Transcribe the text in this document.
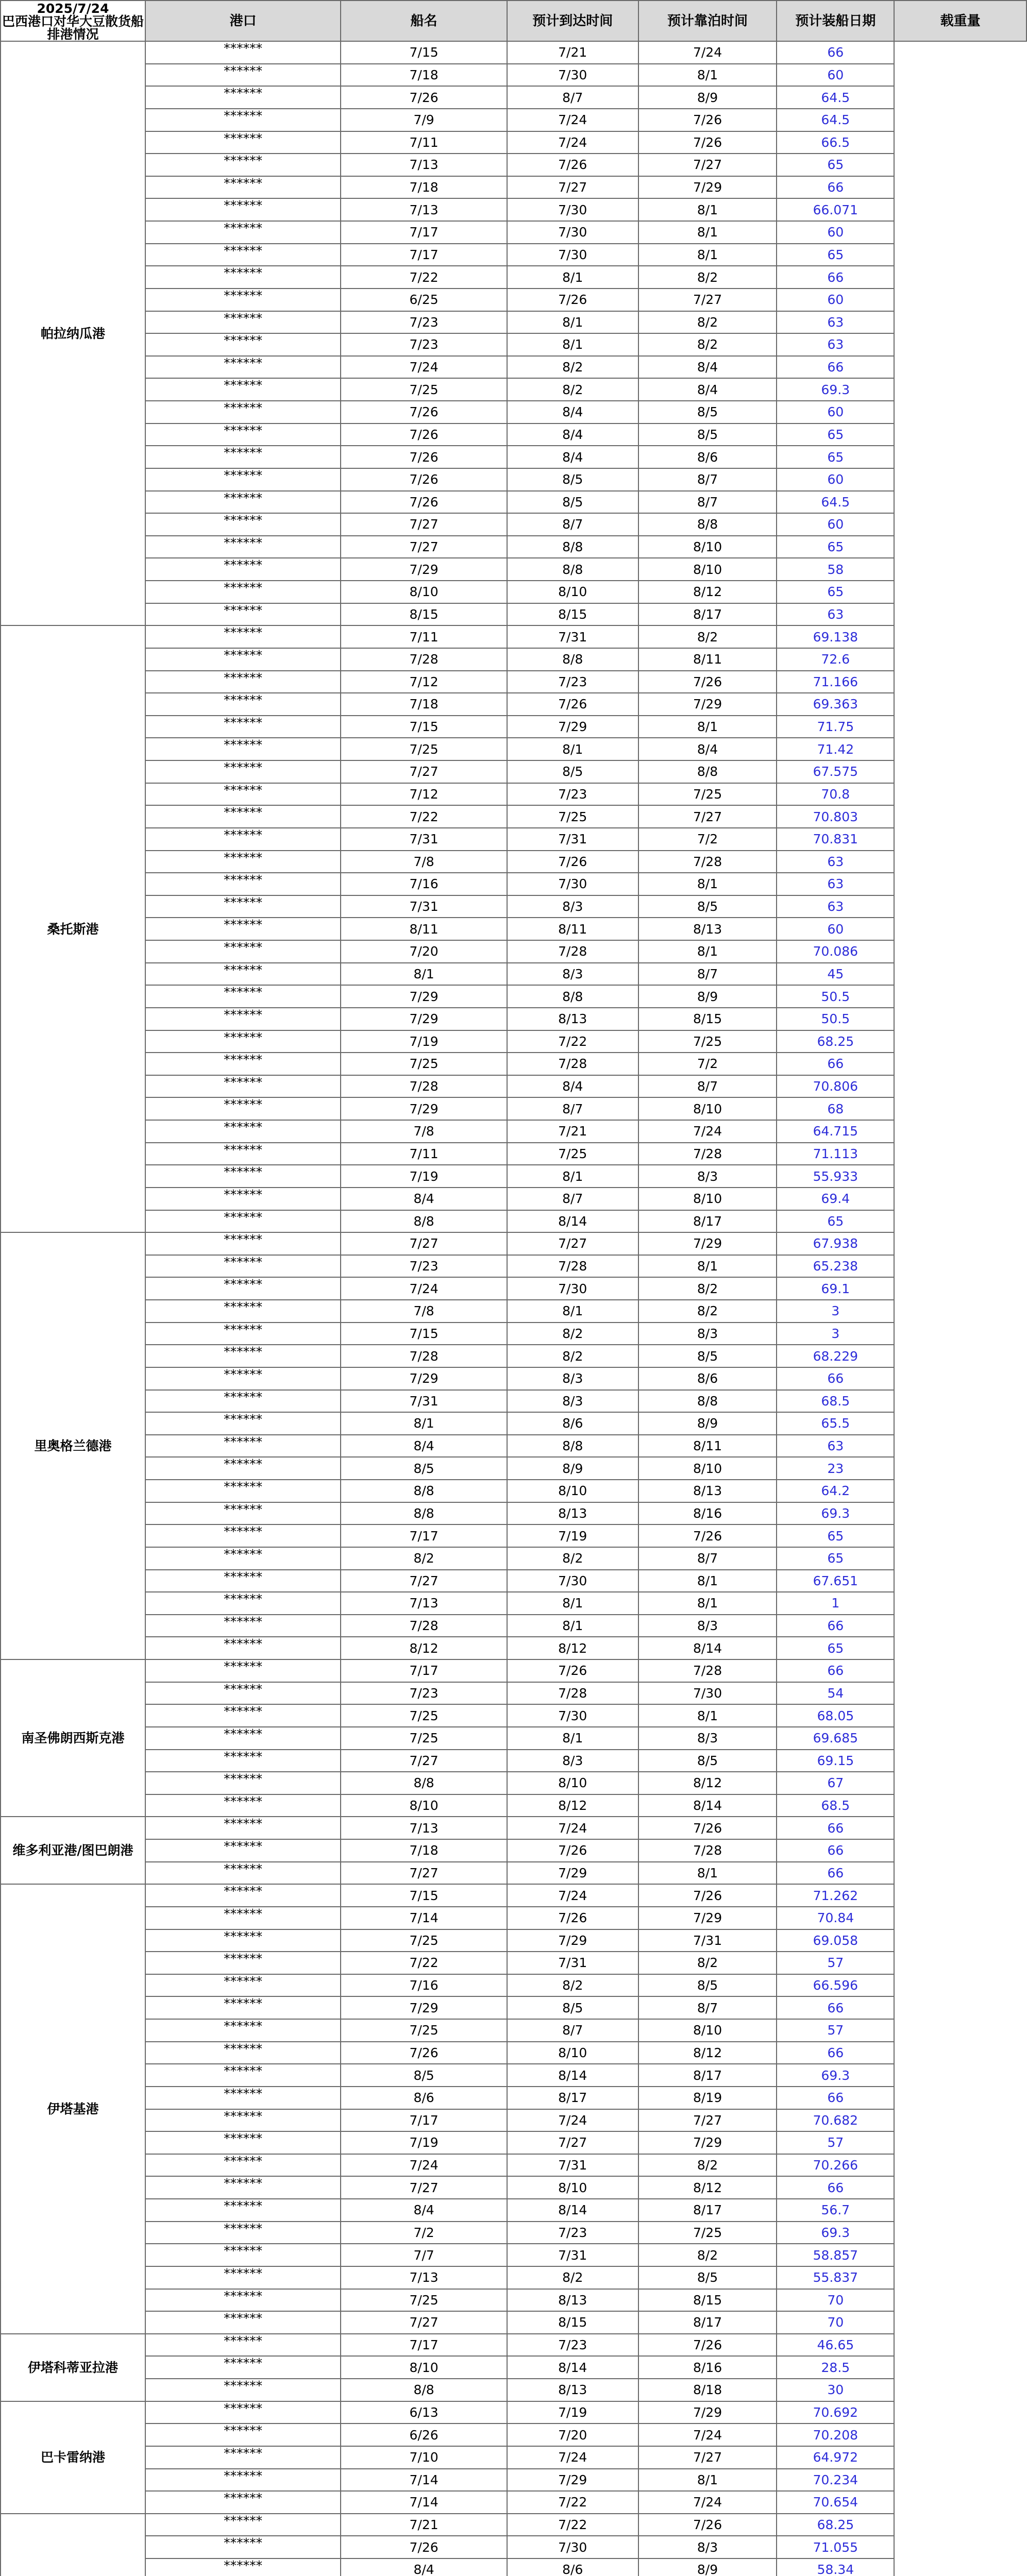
2025/7/24
巴西港口对华大豆散货船排港情况	港口	船名	预计到达时间	预计靠泊时间	预计装船日期	载重量
帕拉纳瓜港	******	7/15	7/21	7/24	66	
	******	7/18	7/30	8/1	60	
	******	7/26	8/7	8/9	64.5	
	******	7/9	7/24	7/26	64.5	
	******	7/11	7/24	7/26	66.5	
	******	7/13	7/26	7/27	65	
	******	7/18	7/27	7/29	66	
	******	7/13	7/30	8/1	66.071	
	******	7/17	7/30	8/1	60	
	******	7/17	7/30	8/1	65	
	******	7/22	8/1	8/2	66	
	******	6/25	7/26	7/27	60	
	******	7/23	8/1	8/2	63	
	******	7/23	8/1	8/2	63	
	******	7/24	8/2	8/4	66	
	******	7/25	8/2	8/4	69.3	
	******	7/26	8/4	8/5	60	
	******	7/26	8/4	8/5	65	
	******	7/26	8/4	8/6	65	
	******	7/26	8/5	8/7	60	
	******	7/26	8/5	8/7	64.5	
	******	7/27	8/7	8/8	60	
	******	7/27	8/8	8/10	65	
	******	7/29	8/8	8/10	58	
	******	8/10	8/10	8/12	65	
	******	8/15	8/15	8/17	63	
桑托斯港	******	7/11	7/31	8/2	69.138	
	******	7/28	8/8	8/11	72.6	
	******	7/12	7/23	7/26	71.166	
	******	7/18	7/26	7/29	69.363	
	******	7/15	7/29	8/1	71.75	
	******	7/25	8/1	8/4	71.42	
	******	7/27	8/5	8/8	67.575	
	******	7/12	7/23	7/25	70.8	
	******	7/22	7/25	7/27	70.803	
	******	7/31	7/31	7/2	70.831	
	******	7/8	7/26	7/28	63	
	******	7/16	7/30	8/1	63	
	******	7/31	8/3	8/5	63	
	******	8/11	8/11	8/13	60	
	******	7/20	7/28	8/1	70.086	
	******	8/1	8/3	8/7	45	
	******	7/29	8/8	8/9	50.5	
	******	7/29	8/13	8/15	50.5	
	******	7/19	7/22	7/25	68.25	
	******	7/25	7/28	7/2	66	
	******	7/28	8/4	8/7	70.806	
	******	7/29	8/7	8/10	68	
	******	7/8	7/21	7/24	64.715	
	******	7/11	7/25	7/28	71.113	
	******	7/19	8/1	8/3	55.933	
	******	8/4	8/7	8/10	69.4	
	******	8/8	8/14	8/17	65	
里奥格兰德港	******	7/27	7/27	7/29	67.938	
	******	7/23	7/28	8/1	65.238	
	******	7/24	7/30	8/2	69.1	
	******	7/8	8/1	8/2	3	
	******	7/15	8/2	8/3	3	
	******	7/28	8/2	8/5	68.229	
	******	7/29	8/3	8/6	66	
	******	7/31	8/3	8/8	68.5	
	******	8/1	8/6	8/9	65.5	
	******	8/4	8/8	8/11	63	
	******	8/5	8/9	8/10	23	
	******	8/8	8/10	8/13	64.2	
	******	8/8	8/13	8/16	69.3	
	******	7/17	7/19	7/26	65	
	******	8/2	8/2	8/7	65	
	******	7/27	7/30	8/1	67.651	
	******	7/13	8/1	8/1	1	
	******	7/28	8/1	8/3	66	
	******	8/12	8/12	8/14	65	
南圣佛朗西斯克港	******	7/17	7/26	7/28	66	
	******	7/23	7/28	7/30	54	
	******	7/25	7/30	8/1	68.05	
	******	7/25	8/1	8/3	69.685	
	******	7/27	8/3	8/5	69.15	
	******	8/8	8/10	8/12	67	
	******	8/10	8/12	8/14	68.5	
维多利亚港/图巴朗港	******	7/13	7/24	7/26	66	
	******	7/18	7/26	7/28	66	
	******	7/27	7/29	8/1	66	
伊塔基港	******	7/15	7/24	7/26	71.262	
	******	7/14	7/26	7/29	70.84	
	******	7/25	7/29	7/31	69.058	
	******	7/22	7/31	8/2	57	
	******	7/16	8/2	8/5	66.596	
	******	7/29	8/5	8/7	66	
	******	7/25	8/7	8/10	57	
	******	7/26	8/10	8/12	66	
	******	8/5	8/14	8/17	69.3	
	******	8/6	8/17	8/19	66	
	******	7/17	7/24	7/27	70.682	
	******	7/19	7/27	7/29	57	
	******	7/24	7/31	8/2	70.266	
	******	7/27	8/10	8/12	66	
	******	8/4	8/14	8/17	56.7	
	******	7/2	7/23	7/25	69.3	
	******	7/7	7/31	8/2	58.857	
	******	7/13	8/2	8/5	55.837	
	******	7/25	8/13	8/15	70	
	******	7/27	8/15	8/17	70	
伊塔科蒂亚拉港	******	7/17	7/23	7/26	46.65	
	******	8/10	8/14	8/16	28.5	
	******	8/8	8/13	8/18	30	
巴卡雷纳港	******	6/13	7/19	7/29	70.692	
	******	6/26	7/20	7/24	70.208	
	******	7/10	7/24	7/27	64.972	
	******	7/14	7/29	8/1	70.234	
	******	7/14	7/22	7/24	70.654	
	******	7/21	7/22	7/26	68.25	
	******	7/26	7/30	8/3	71.055	
	******	8/4	8/6	8/9	58.34	
